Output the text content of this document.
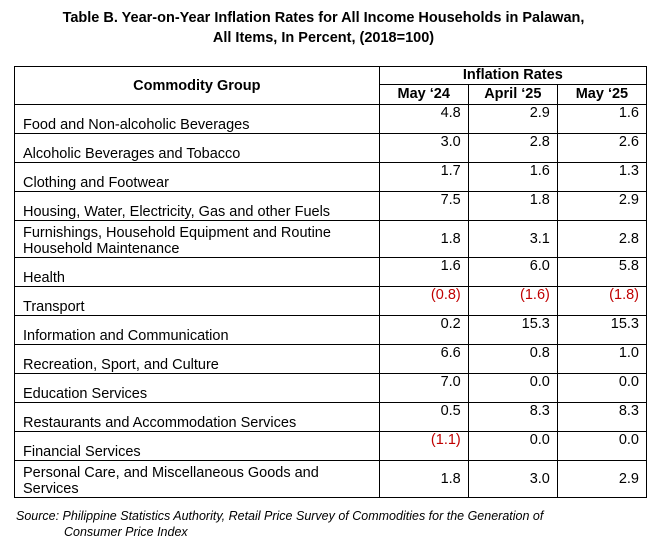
Table B. Year-on-Year Inflation Rates for All Income Households in Palawan,
All Items, In Percent, (2018=100)
Commodity Group	Inflation Rates		
	May ‘24	April ‘25	May ‘25
Food and Non-alcoholic Beverages	4.8	2.9	1.6
Alcoholic Beverages and Tobacco	3.0	2.8	2.6
Clothing and Footwear	1.7	1.6	1.3
Housing, Water, Electricity, Gas and other Fuels	7.5	1.8	2.9

Furnishings, Household Equipment and Routine
Household Maintenance	1.8	3.1	2.8
Health	1.6	6.0	5.8
Transport	(0.8)	(1.6)	(1.8)
Information and Communication	0.2	15.3	15.3
Recreation, Sport, and Culture	6.6	0.8	1.0
Education Services	7.0	0.0	0.0
Restaurants and Accommodation Services	0.5	8.3	8.3
Financial Services	(1.1)	0.0	0.0

Personal Care, and Miscellaneous Goods and
Services	1.8	3.0	2.9
Source: Philippine Statistics Authority, Retail Price Survey of Commodities for the Generation of
Consumer Price Index
